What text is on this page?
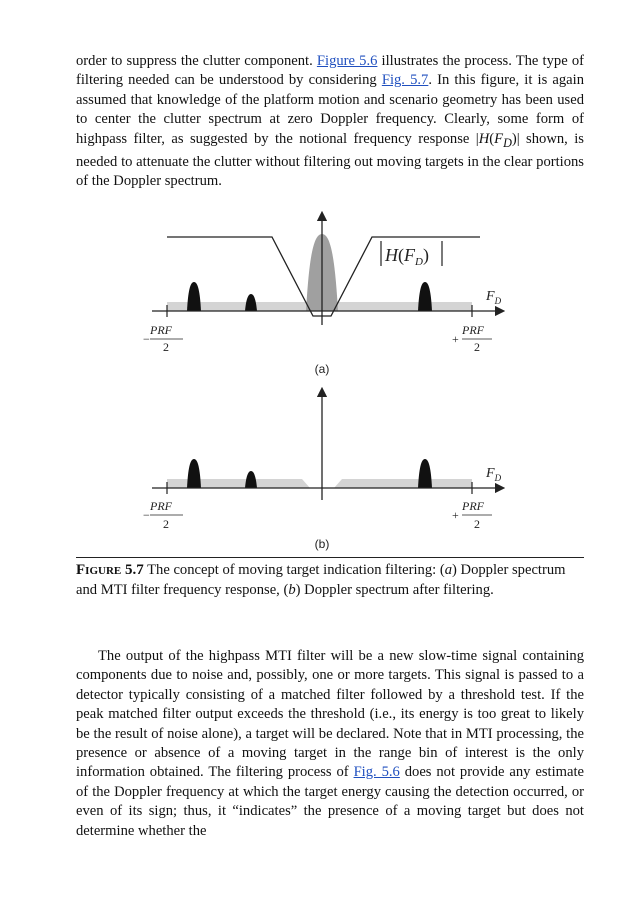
order to suppress the clutter component. Figure 5.6 illustrates the process. The type of filtering needed can be understood by considering Fig. 5.7. In this figure, it is again assumed that knowledge of the platform motion and scenario geometry has been used to center the clutter spectrum at zero Doppler frequency. Clearly, some form of highpass filter, as suggested by the notional frequency response $|H(F_D)|$ shown, is needed to attenuate the clutter without filtering out moving targets in the clear portions of the Doppler spectrum.

$H(F_D)$
$F_D$
−
PRF
2
+
PRF
2
(a)
$F_D$
−
PRF
2
+
PRF
2
(b)
FIGURE 5.7 The concept of moving target indication filtering: (a) Doppler spectrum and MTI filter frequency response, (b) Doppler spectrum after filtering.

The output of the highpass MTI filter will be a new slow-time signal containing components due to noise and, possibly, one or more targets. This signal is passed to a detector typically consisting of a matched filter followed by a threshold test. If the peak matched filter output exceeds the threshold (i.e., its energy is too great to likely be the result of noise alone), a target will be declared. Note that in MTI processing, the presence or absence of a moving target in the range bin of interest is the only information obtained. The filtering process of Fig. 5.6 does not provide any estimate of the Doppler frequency at which the target energy causing the detection occurred, or even of its sign; thus, it “indicates” the presence of a moving target but does not determine whether the
